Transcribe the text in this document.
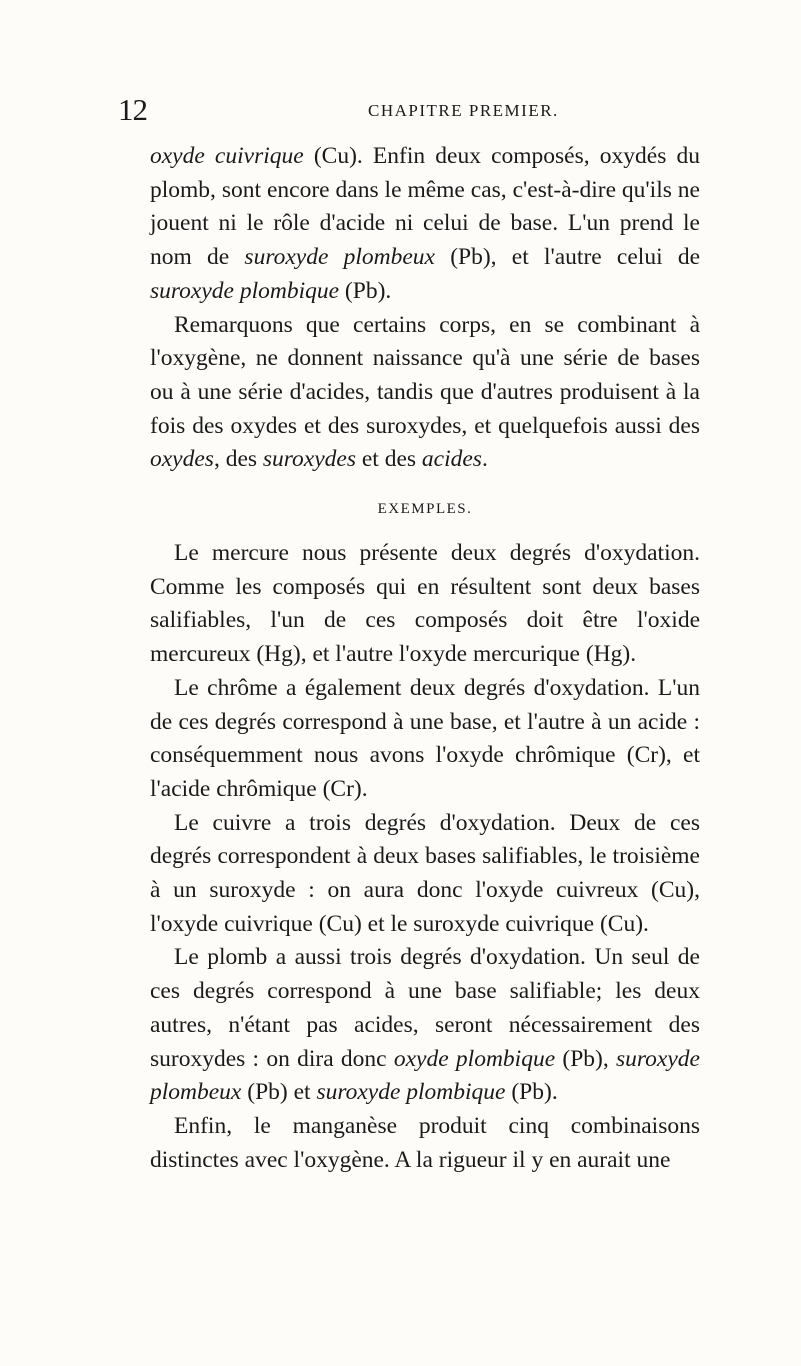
12	CHAPITRE PREMIER.

oxyde cuivrique (Cu). Enfin deux composés, oxydés du plomb, sont encore dans le même cas, c'est-à-dire qu'ils ne jouent ni le rôle d'acide ni celui de base. L'un prend le nom de suroxyde plombeux (Pb), et l'autre celui de suroxyde plombique (Pb).

Remarquons que certains corps, en se combinant à l'oxygène, ne donnent naissance qu'à une série de bases ou à une série d'acides, tandis que d'autres produisent à la fois des oxydes et des suroxydes, et quelquefois aussi des oxydes, des suroxydes et des acides.

EXEMPLES.

Le mercure nous présente deux degrés d'oxydation. Comme les composés qui en résultent sont deux bases salifiables, l'un de ces composés doit être l'oxide mercureux (Hg), et l'autre l'oxyde mercurique (Hg).

Le chrôme a également deux degrés d'oxydation. L'un de ces degrés correspond à une base, et l'autre à un acide : conséquemment nous avons l'oxyde chrômique (Cr), et l'acide chrômique (Cr).

Le cuivre a trois degrés d'oxydation. Deux de ces degrés correspondent à deux bases salifiables, le troisième à un suroxyde : on aura donc l'oxyde cuivreux (Cu), l'oxyde cuivrique (Cu) et le suroxyde cuivrique (Cu).

Le plomb a aussi trois degrés d'oxydation. Un seul de ces degrés correspond à une base salifiable; les deux autres, n'étant pas acides, seront nécessairement des suroxydes : on dira donc oxyde plombique (Pb), suroxyde plombeux (Pb) et suroxyde plombique (Pb).

Enfin, le manganèse produit cinq combinaisons distinctes avec l'oxygène. A la rigueur il y en aurait une
